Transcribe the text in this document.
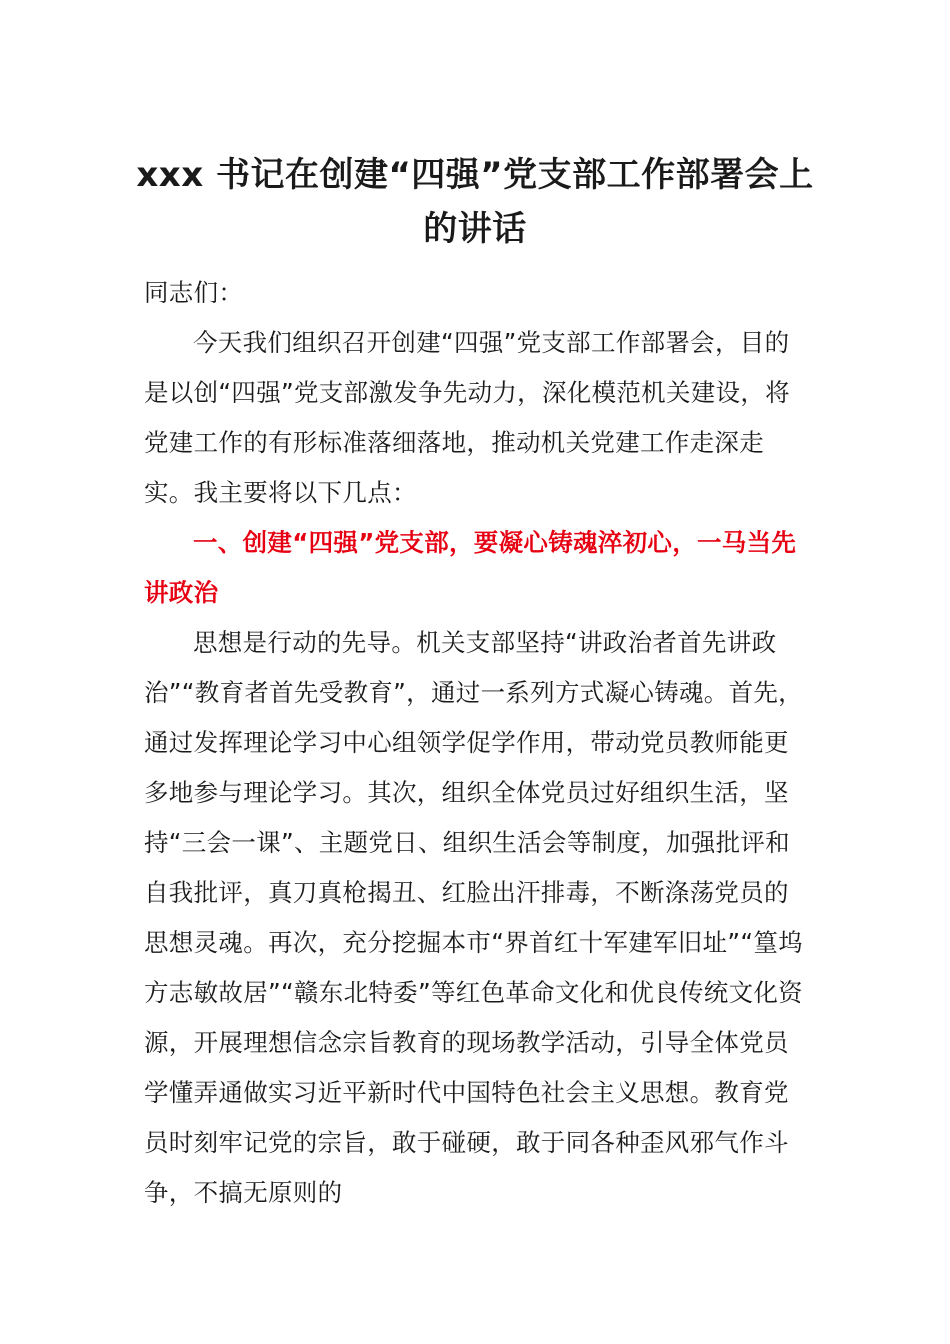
xxx 书记在创建“四强”党支部工作部署会上的讲话

同志们：

今天我们组织召开创建“四强”党支部工作部署会，目的是以创“四强”党支部激发争先动力，深化模范机关建设，将党建工作的有形标准落细落地，推动机关党建工作走深走实。我主要将以下几点：

一、创建“四强”党支部，要凝心铸魂淬初心，一马当先讲政治

思想是行动的先导。机关支部坚持“讲政治者首先讲政治”“教育者首先受教育”，通过一系列方式凝心铸魂。首先，通过发挥理论学习中心组领学促学作用，带动党员教师能更多地参与理论学习。其次，组织全体党员过好组织生活，坚持“三会一课”、主题党日、组织生活会等制度，加强批评和自我批评，真刀真枪揭丑、红脸出汗排毒，不断涤荡党员的思想灵魂。再次，充分挖掘本市“界首红十军建军旧址”“篁坞方志敏故居”“赣东北特委”等红色革命文化和优良传统文化资源，开展理想信念宗旨教育的现场教学活动，引导全体党员学懂弄通做实习近平新时代中国特色社会主义思想。教育党员时刻牢记党的宗旨，敢于碰硬，敢于同各种歪风邪气作斗争，不搞无原则的
